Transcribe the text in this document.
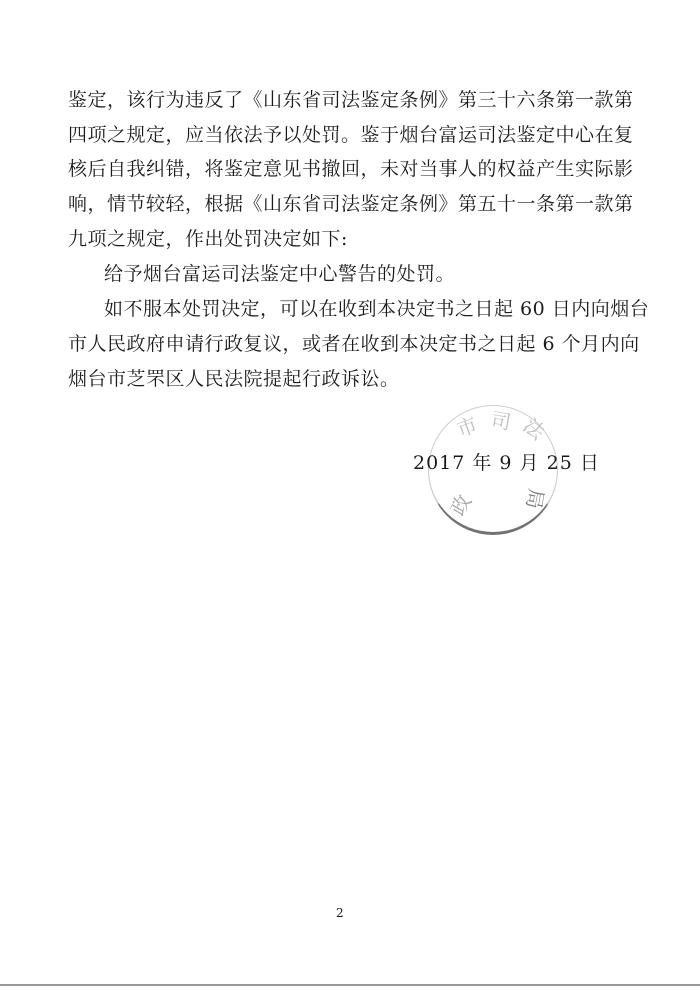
鉴定，该行为违反了《山东省司法鉴定条例》第三十六条第一款第
四项之规定，应当依法予以处罚。鉴于烟台富运司法鉴定中心在复
核后自我纠错，将鉴定意见书撤回，未对当事人的权益产生实际影
响，情节较轻，根据《山东省司法鉴定条例》第五十一条第一款第
九项之规定，作出处罚决定如下:
给予烟台富运司法鉴定中心警告的处罚。
如不服本处罚决定，可以在收到本决定书之日起 60 日内向烟台
市人民政府申请行政复议，或者在收到本决定书之日起 6 个月内向
烟台市芝罘区人民法院提起行政诉讼。
市 司 法
局
政
2017 年 9 月 25 日
2
